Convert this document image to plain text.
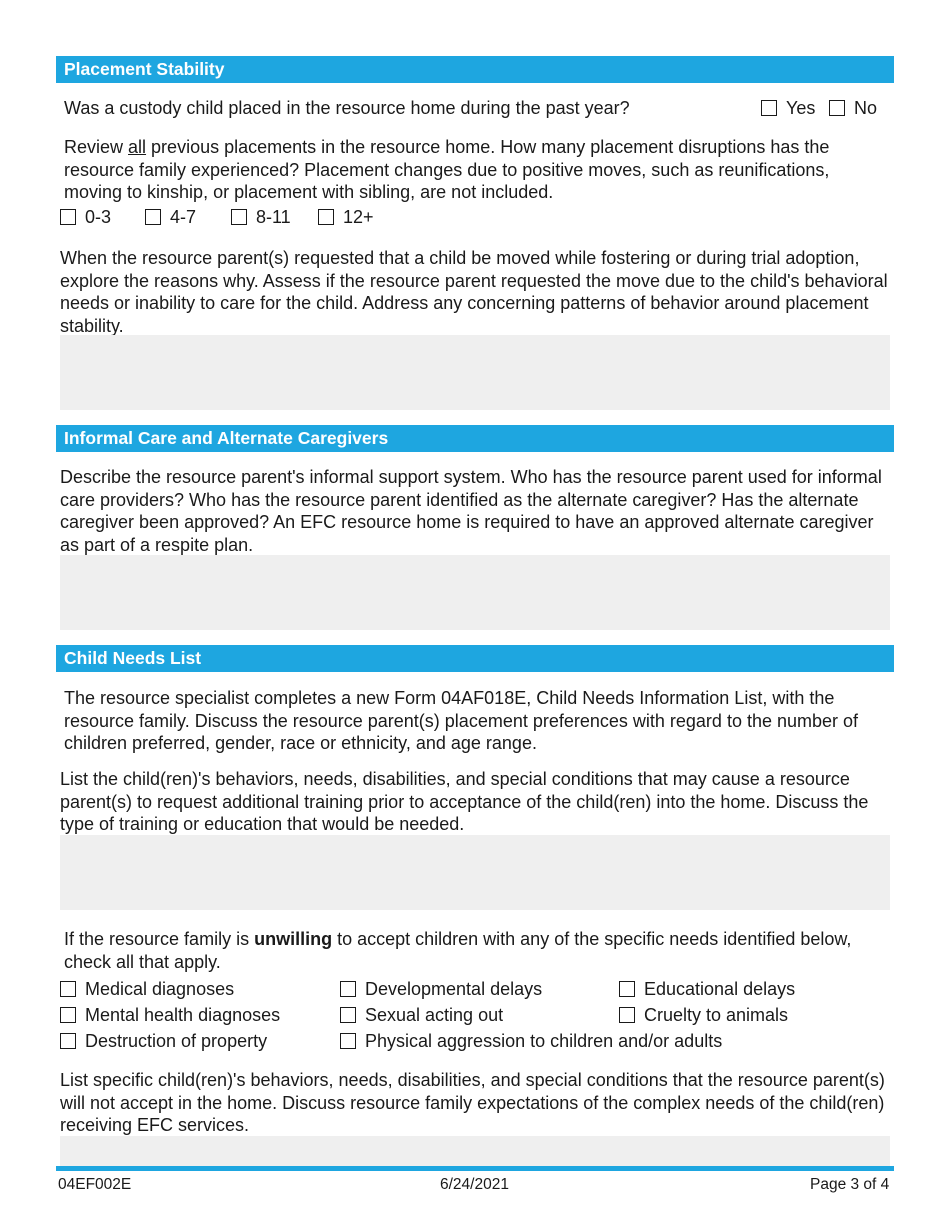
Placement Stability
Was a custody child placed in the resource home during the past year?	Yes	No
Review all previous placements in the resource home. How many placement disruptions has the resource family experienced? Placement changes due to positive moves, such as reunifications, moving to kinship, or placement with sibling, are not included.
0-3	4-7	8-11	12+
When the resource parent(s) requested that a child be moved while fostering or during trial adoption, explore the reasons why. Assess if the resource parent requested the move due to the child's behavioral needs or inability to care for the child. Address any concerning patterns of behavior around placement stability.
Informal Care and Alternate Caregivers
Describe the resource parent's informal support system. Who has the resource parent used for informal care providers? Who has the resource parent identified as the alternate caregiver? Has the alternate caregiver been approved? An EFC resource home is required to have an approved alternate caregiver as part of a respite plan.
Child Needs List
The resource specialist completes a new Form 04AF018E, Child Needs Information List, with the resource family. Discuss the resource parent(s) placement preferences with regard to the number of children preferred, gender, race or ethnicity, and age range.
List the child(ren)'s behaviors, needs, disabilities, and special conditions that may cause a resource parent(s) to request additional training prior to acceptance of the child(ren) into the home. Discuss the type of training or education that would be needed.
If the resource family is unwilling to accept children with any of the specific needs identified below, check all that apply.
Medical diagnoses	Developmental delays	Educational delays
Mental health diagnoses	Sexual acting out	Cruelty to animals
Destruction of property	Physical aggression to children and/or adults
List specific child(ren)'s behaviors, needs, disabilities, and special conditions that the resource parent(s) will not accept in the home. Discuss resource family expectations of the complex needs of the child(ren) receiving EFC services.
04EF002E	6/24/2021	Page 3 of 4
